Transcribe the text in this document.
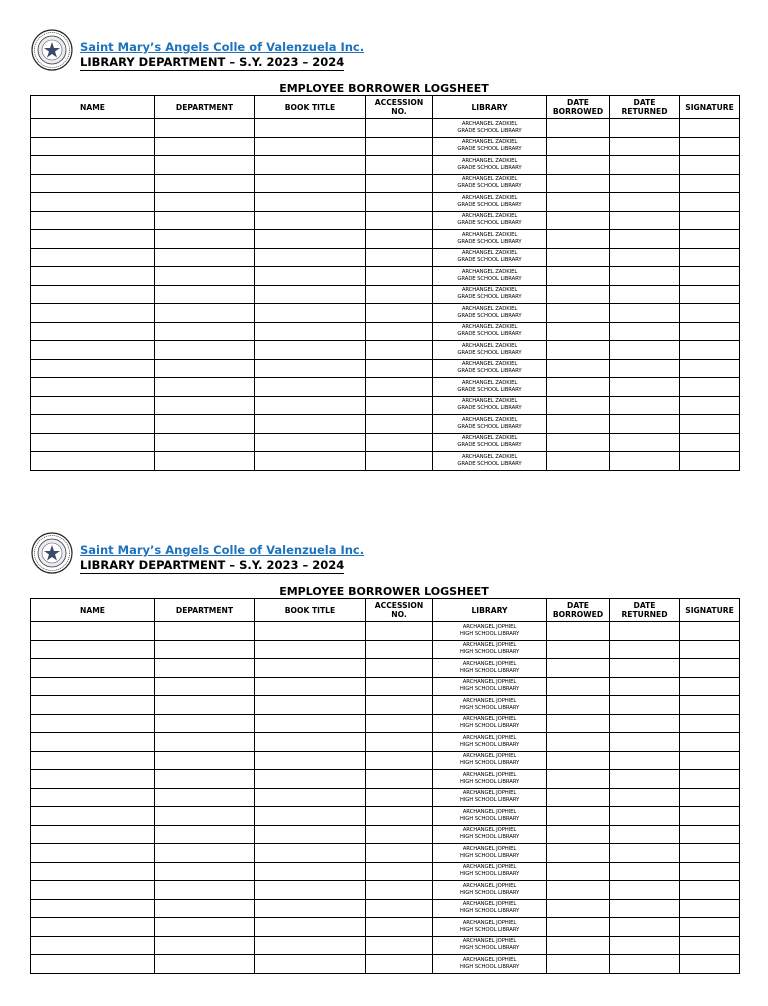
Saint Mary’s Angels Colle of Valenzuela Inc.
LIBRARY DEPARTMENT – S.Y. 2023 – 2024
EMPLOYEE BORROWER LOGSHEET
NAME	DEPARTMENT	BOOK TITLE	ACCESSION NO.	LIBRARY	DATE BORROWED	DATE RETURNED	SIGNATURE

				ARCHANGEL ZADKIEL
GRADE SCHOOL LIBRARY			

				ARCHANGEL ZADKIEL
GRADE SCHOOL LIBRARY			

				ARCHANGEL ZADKIEL
GRADE SCHOOL LIBRARY			

				ARCHANGEL ZADKIEL
GRADE SCHOOL LIBRARY			

				ARCHANGEL ZADKIEL
GRADE SCHOOL LIBRARY			

				ARCHANGEL ZADKIEL
GRADE SCHOOL LIBRARY			

				ARCHANGEL ZADKIEL
GRADE SCHOOL LIBRARY			

				ARCHANGEL ZADKIEL
GRADE SCHOOL LIBRARY			

				ARCHANGEL ZADKIEL
GRADE SCHOOL LIBRARY			

				ARCHANGEL ZADKIEL
GRADE SCHOOL LIBRARY			

				ARCHANGEL ZADKIEL
GRADE SCHOOL LIBRARY			

				ARCHANGEL ZADKIEL
GRADE SCHOOL LIBRARY			

				ARCHANGEL ZADKIEL
GRADE SCHOOL LIBRARY			

				ARCHANGEL ZADKIEL
GRADE SCHOOL LIBRARY			

				ARCHANGEL ZADKIEL
GRADE SCHOOL LIBRARY			

				ARCHANGEL ZADKIEL
GRADE SCHOOL LIBRARY			

				ARCHANGEL ZADKIEL
GRADE SCHOOL LIBRARY			

				ARCHANGEL ZADKIEL
GRADE SCHOOL LIBRARY			

				ARCHANGEL ZADKIEL
GRADE SCHOOL LIBRARY			

Saint Mary’s Angels Colle of Valenzuela Inc.
LIBRARY DEPARTMENT – S.Y. 2023 – 2024
EMPLOYEE BORROWER LOGSHEET
NAME	DEPARTMENT	BOOK TITLE	ACCESSION NO.	LIBRARY	DATE BORROWED	DATE RETURNED	SIGNATURE

				ARCHANGEL JOPHIEL
HIGH SCHOOL LIBRARY			

				ARCHANGEL JOPHIEL
HIGH SCHOOL LIBRARY			

				ARCHANGEL JOPHIEL
HIGH SCHOOL LIBRARY			

				ARCHANGEL JOPHIEL
HIGH SCHOOL LIBRARY			

				ARCHANGEL JOPHIEL
HIGH SCHOOL LIBRARY			

				ARCHANGEL JOPHIEL
HIGH SCHOOL LIBRARY			

				ARCHANGEL JOPHIEL
HIGH SCHOOL LIBRARY			

				ARCHANGEL JOPHIEL
HIGH SCHOOL LIBRARY			

				ARCHANGEL JOPHIEL
HIGH SCHOOL LIBRARY			

				ARCHANGEL JOPHIEL
HIGH SCHOOL LIBRARY			

				ARCHANGEL JOPHIEL
HIGH SCHOOL LIBRARY			

				ARCHANGEL JOPHIEL
HIGH SCHOOL LIBRARY			

				ARCHANGEL JOPHIEL
HIGH SCHOOL LIBRARY			

				ARCHANGEL JOPHIEL
HIGH SCHOOL LIBRARY			

				ARCHANGEL JOPHIEL
HIGH SCHOOL LIBRARY			

				ARCHANGEL JOPHIEL
HIGH SCHOOL LIBRARY			

				ARCHANGEL JOPHIEL
HIGH SCHOOL LIBRARY			

				ARCHANGEL JOPHIEL
HIGH SCHOOL LIBRARY			

				ARCHANGEL JOPHIEL
HIGH SCHOOL LIBRARY			
